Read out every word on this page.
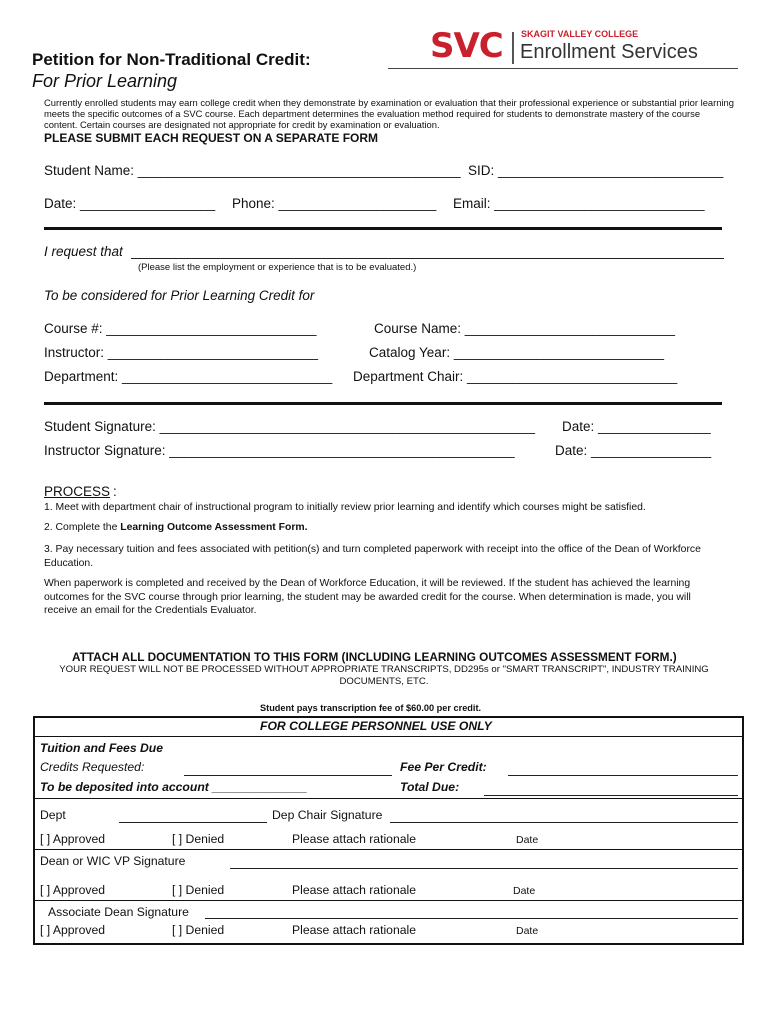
Petition for Non-Traditional Credit:
For Prior Learning
SVC SKAGIT VALLEY COLLEGE
Enrollment Services
Currently enrolled students may earn college credit when they demonstrate by examination or evaluation that their professional experience or substantial prior learning meets the specific outcomes of a SVC course. Each department determines the evaluation method required for students to demonstrate mastery of the course content. Certain courses are designated not appropriate for credit by examination or evaluation.
PLEASE SUBMIT EACH REQUEST ON A SEPARATE FORM
Student Name: ___________________________________________ SID: ______________________________
Date: __________________ Phone: _____________________ Email: ____________________________
I request that
(Please list the employment or experience that is to be evaluated.)
To be considered for Prior Learning Credit for
Course #: ____________________________	Course Name: ____________________________
Instructor: ____________________________	Catalog Year: ____________________________
Department: ____________________________ Department Chair: ____________________________
Student Signature: __________________________________________________ Date: _______________
Instructor Signature: ______________________________________________	Date: ________________
PROCESS :
1. Meet with department chair of instructional program to initially review prior learning and identify which courses might be satisfied.
2. Complete the Learning Outcome Assessment Form.
3. Pay necessary tuition and fees associated with petition(s) and turn completed paperwork with receipt into the office of the Dean of Workforce Education.
When paperwork is completed and received by the Dean of Workforce Education, it will be reviewed. If the student has achieved the learning outcomes for the SVC course through prior learning, the student may be awarded credit for the course. When determination is made, you will receive an email for the Credentials Evaluator.
ATTACH ALL DOCUMENTATION TO THIS FORM (INCLUDING LEARNING OUTCOMES ASSESSMENT FORM.)
YOUR REQUEST WILL NOT BE PROCESSED WITHOUT APPROPRIATE TRANSCRIPTS, DD295s or "SMART TRANSCRIPT", INDUSTRY TRAINING DOCUMENTS, ETC.
Student pays transcription fee of $60.00 per credit.
FOR COLLEGE PERSONNEL USE ONLY
Tuition and Fees Due
Credits Requested:	Fee Per Credit:
To be deposited into account ______________	Total Due:
Dept	Dep Chair Signature
[ ] Approved	[ ] Denied	Please attach rationale	Date
Dean or WIC VP Signature
[ ] Approved	[ ] Denied	Please attach rationale	Date
Associate Dean Signature
[ ] Approved	[ ] Denied	Please attach rationale	Date
